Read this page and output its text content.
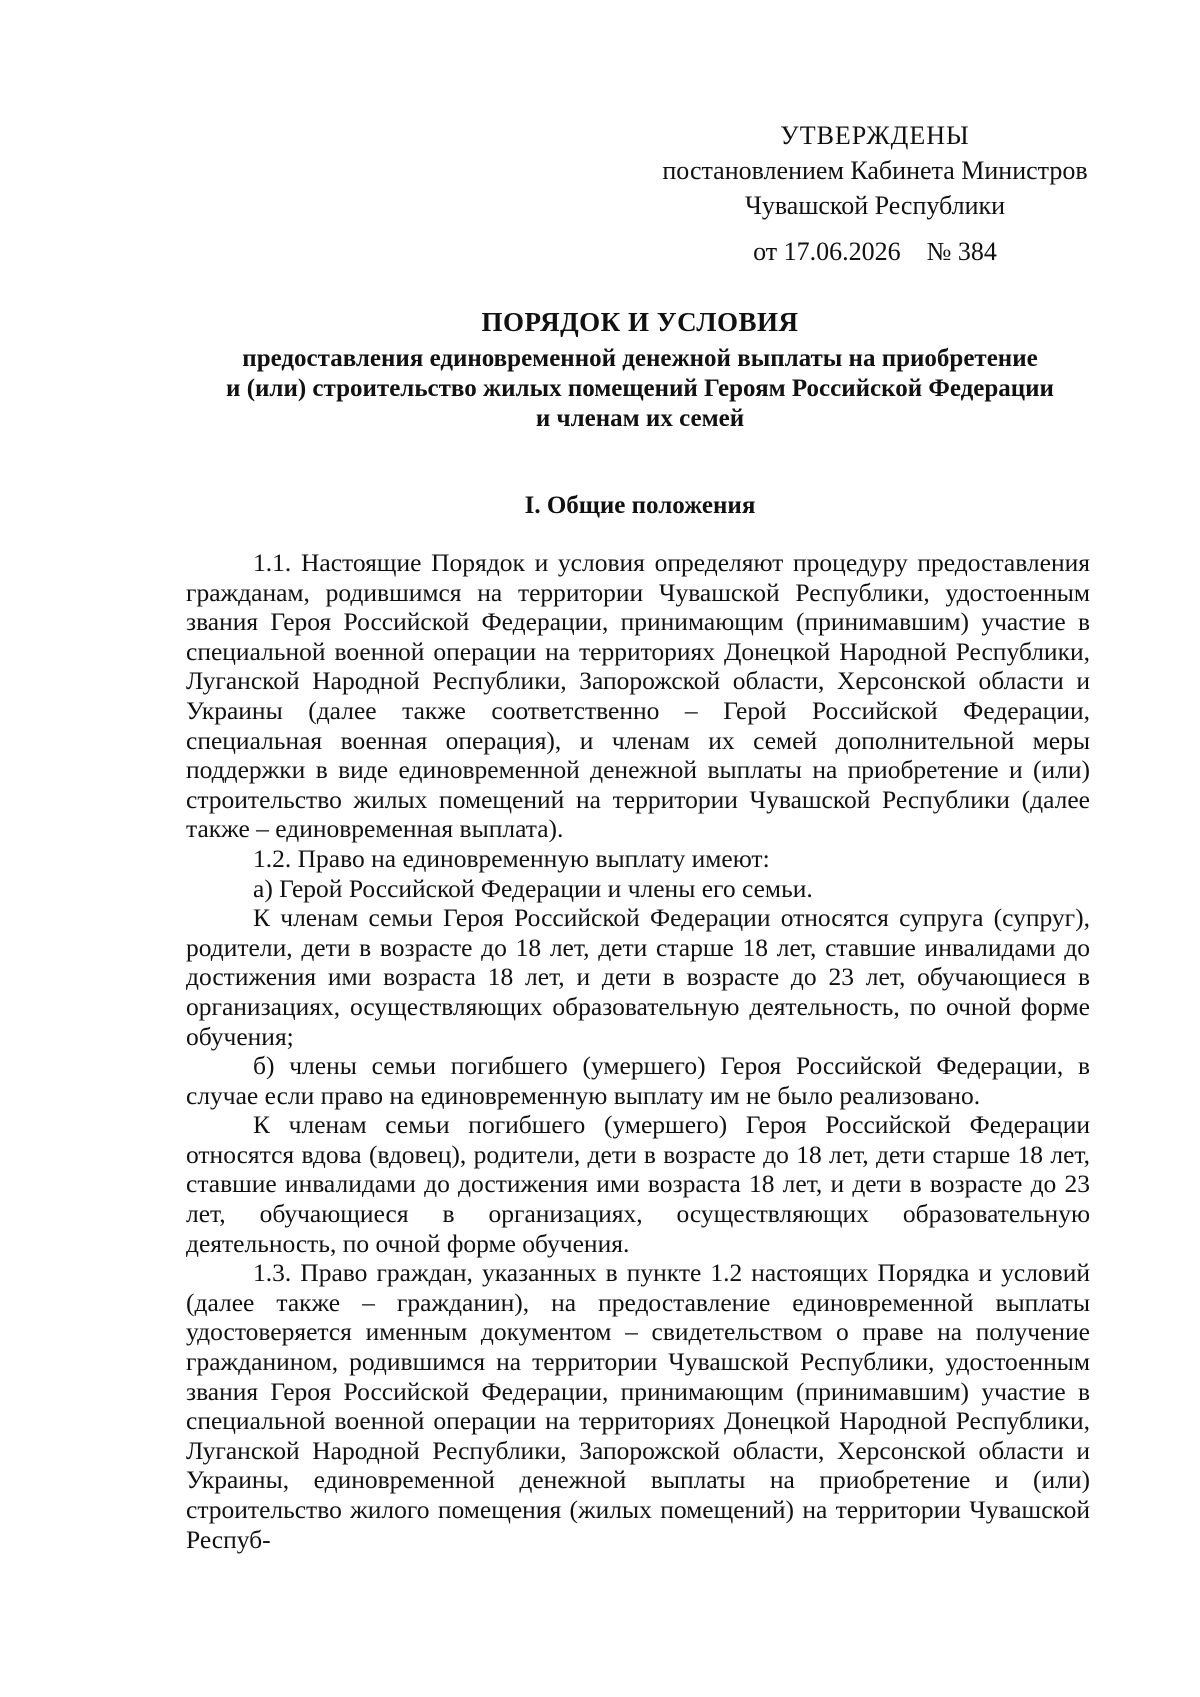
УТВЕРЖДЕНЫ
постановлением Кабинета Министров
Чувашской Республики
от 17.06.2026 № 384
ПОРЯДОК И УСЛОВИЯ
предоставления единовременной денежной выплаты на приобретение
и (или) строительство жилых помещений Героям Российской Федерации
и членам их семей
I. Общие положения

1.1. Настоящие Порядок и условия определяют процедуру предоставления гражданам, родившимся на территории Чувашской Республики, удостоенным звания Героя Российской Федерации, принимающим (принимавшим) участие в специальной военной операции на территориях Донецкой Народной Республики, Луганской Народной Республики, Запорожской области, Херсонской области и Украины (далее также соответственно – Герой Российской Федерации, специальная военная операция), и членам их семей дополнительной меры поддержки в виде единовременной денежной выплаты на приобретение и (или) строительство жилых помещений на территории Чувашской Республики (далее также – единовременная выплата).

1.2. Право на единовременную выплату имеют:

а) Герой Российской Федерации и члены его семьи.

К членам семьи Героя Российской Федерации относятся супруга (супруг), родители, дети в возрасте до 18 лет, дети старше 18 лет, ставшие инвалидами до достижения ими возраста 18 лет, и дети в возрасте до 23 лет, обучающиеся в организациях, осуществляющих образовательную деятельность, по очной форме обучения;

б) члены семьи погибшего (умершего) Героя Российской Федерации, в случае если право на единовременную выплату им не было реализовано.

К членам семьи погибшего (умершего) Героя Российской Федерации относятся вдова (вдовец), родители, дети в возрасте до 18 лет, дети старше 18 лет, ставшие инвалидами до достижения ими возраста 18 лет, и дети в возрасте до 23 лет, обучающиеся в организациях, осуществляющих образовательную деятельность, по очной форме обучения.

1.3. Право граждан, указанных в пункте 1.2 настоящих Порядка и условий (далее также – гражданин), на предоставление единовременной выплаты удостоверяется именным документом – свидетельством о праве на получение гражданином, родившимся на территории Чувашской Республики, удостоенным звания Героя Российской Федерации, принимающим (принимавшим) участие в специальной военной операции на территориях Донецкой Народной Республики, Луганской Народной Республики, Запорожской области, Херсонской области и Украины, единовременной денежной выплаты на приобретение и (или) строительство жилого помещения (жилых помещений) на территории Чувашской Респуб-
